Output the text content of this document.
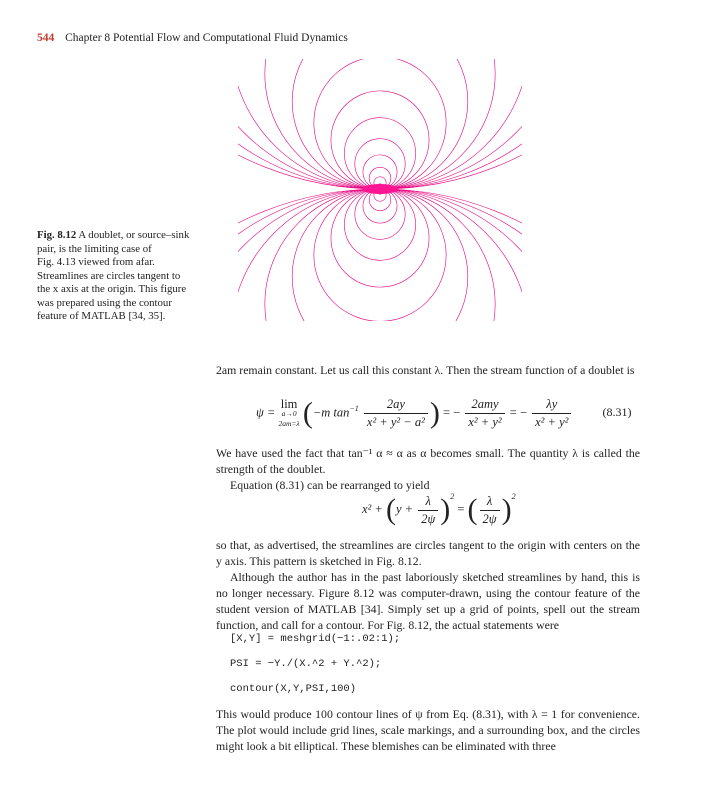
544 Chapter 8 Potential Flow and Computational Fluid Dynamics

Fig. 8.12 A doublet, or source–sink

pair, is the limiting case of

Fig. 4.13 viewed from afar.

Streamlines are circles tangent to

the x axis at the origin. This figure

was prepared using the contour

feature of MATLAB [34, 35].

2am remain constant. Let us call this constant λ. Then the stream function of a doublet is

ψ = lim
a→0
2am=λ (−m $\tan^{-1} \frac{2ay}{\text{x² + y² − a²}}$ ) = − $\frac{\text{2amy}}{\text{x² + y²}}$ = − $\frac{\lambda y}{\text{x² + y²}}$	(8.31)

We have used the fact that tan⁻¹ α ≈ α as α becomes small. The quantity λ is called the strength of the doublet.

Equation (8.31) can be rearranged to yield

$x^2 + (y + \frac{\lambda}{2\psi} )^2$ = ( $\frac{\lambda}{2\psi} )^2$

so that, as advertised, the streamlines are circles tangent to the origin with centers on the y axis. This pattern is sketched in Fig. 8.12.

Although the author has in the past laboriously sketched streamlines by hand, this is no longer necessary. Figure 8.12 was computer-drawn, using the contour feature of the student version of MATLAB [34]. Simply set up a grid of points, spell out the stream function, and call for a contour. For Fig. 8.12, the actual statements were

[X,Y] = meshgrid(−1:.02:1);
PSI = −Y./(X.^2 + Y.^2);
contour(X,Y,PSI,100)

This would produce 100 contour lines of ψ from Eq. (8.31), with λ = 1 for convenience. The plot would include grid lines, scale markings, and a surrounding box, and the circles might look a bit elliptical. These blemishes can be eliminated with three
